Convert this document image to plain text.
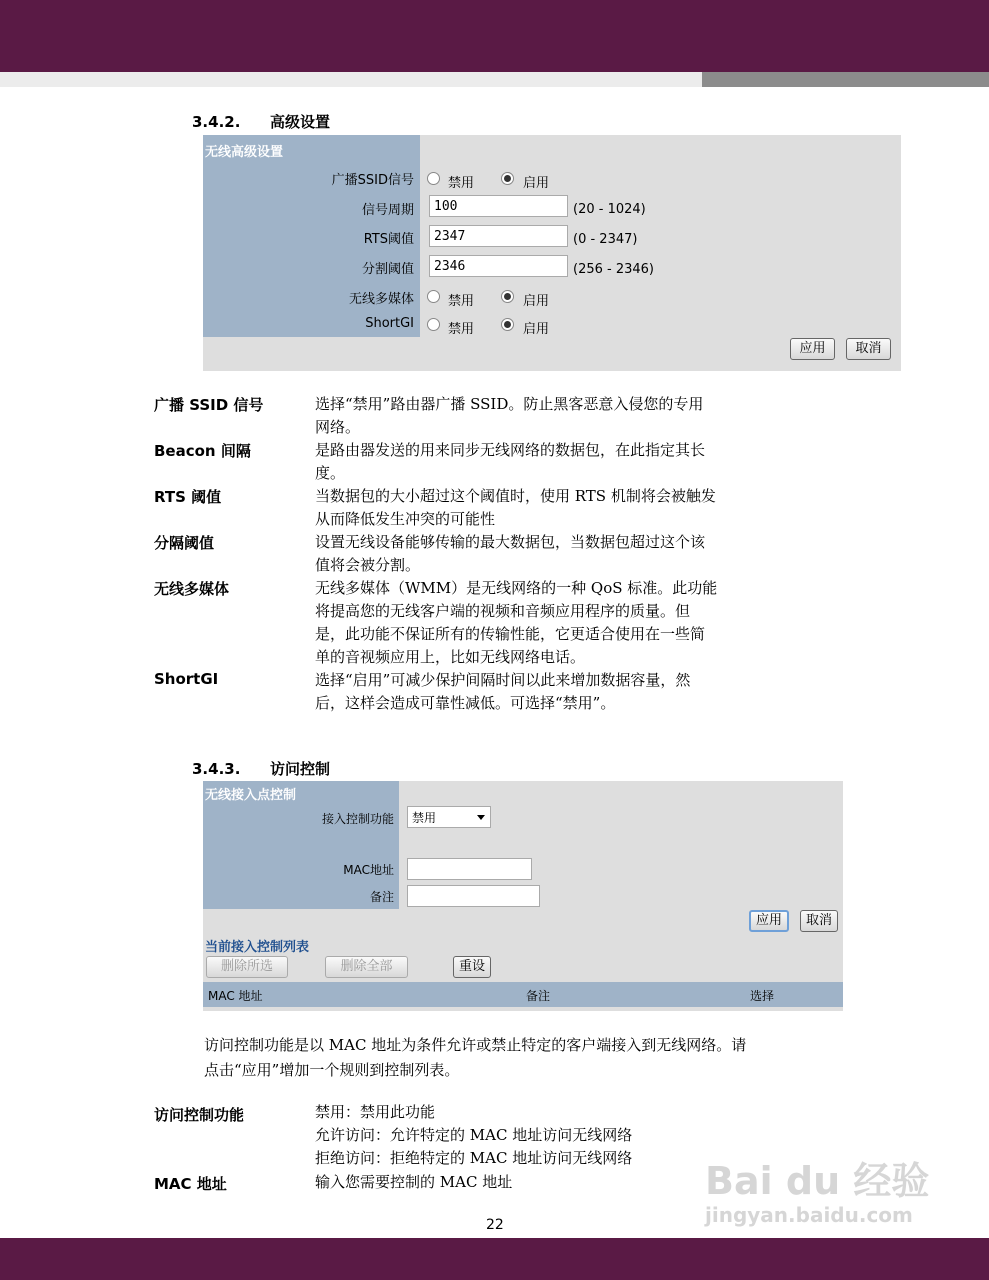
3.4.2. 高级设置
无线高级设置
广播SSID信号	禁用	启用
信号周期	100	(20 - 1024)
RTS阈值	2347	(0 - 2347)
分割阈值	2346	(256 - 2346)
无线多媒体	禁用	启用
ShortGI	禁用	启用
应用	取消
广播 SSID 信号	选择“禁用”路由器广播 SSID。防止黑客恶意入侵您的专用
网络。
Beacon 间隔	是路由器发送的用来同步无线网络的数据包，在此指定其长
度。
RTS 阈值	当数据包的大小超过这个阈值时，使用 RTS 机制将会被触发
从而降低发生冲突的可能性
分隔阈值	设置无线设备能够传输的最大数据包，当数据包超过这个该
值将会被分割。
无线多媒体	无线多媒体（WMM）是无线网络的一种 QoS 标准。此功能
将提高您的无线客户端的视频和音频应用程序的质量。但
是，此功能不保证所有的传输性能，它更适合使用在一些简
单的音视频应用上，比如无线网络电话。
ShortGI	选择“启用”可减少保护间隔时间以此来增加数据容量，然
后，这样会造成可靠性减低。可选择“禁用”。
3.4.3. 访问控制
无线接入点控制
接入控制功能	禁用
MAC地址
备注
应用	取消
当前接入控制列表
删除所选	删除全部	重设
MAC 地址	备注	选择
访问控制功能是以 MAC 地址为条件允许或禁止特定的客户端接入到无线网络。请
点击“应用”增加一个规则到控制列表。
访问控制功能	禁用：禁用此功能
允许访问：允许特定的 MAC 地址访问无线网络
拒绝访问：拒绝特定的 MAC 地址访问无线网络
MAC 地址	输入您需要控制的 MAC 地址	Bai du 经验
jingyan.baidu.com
22
